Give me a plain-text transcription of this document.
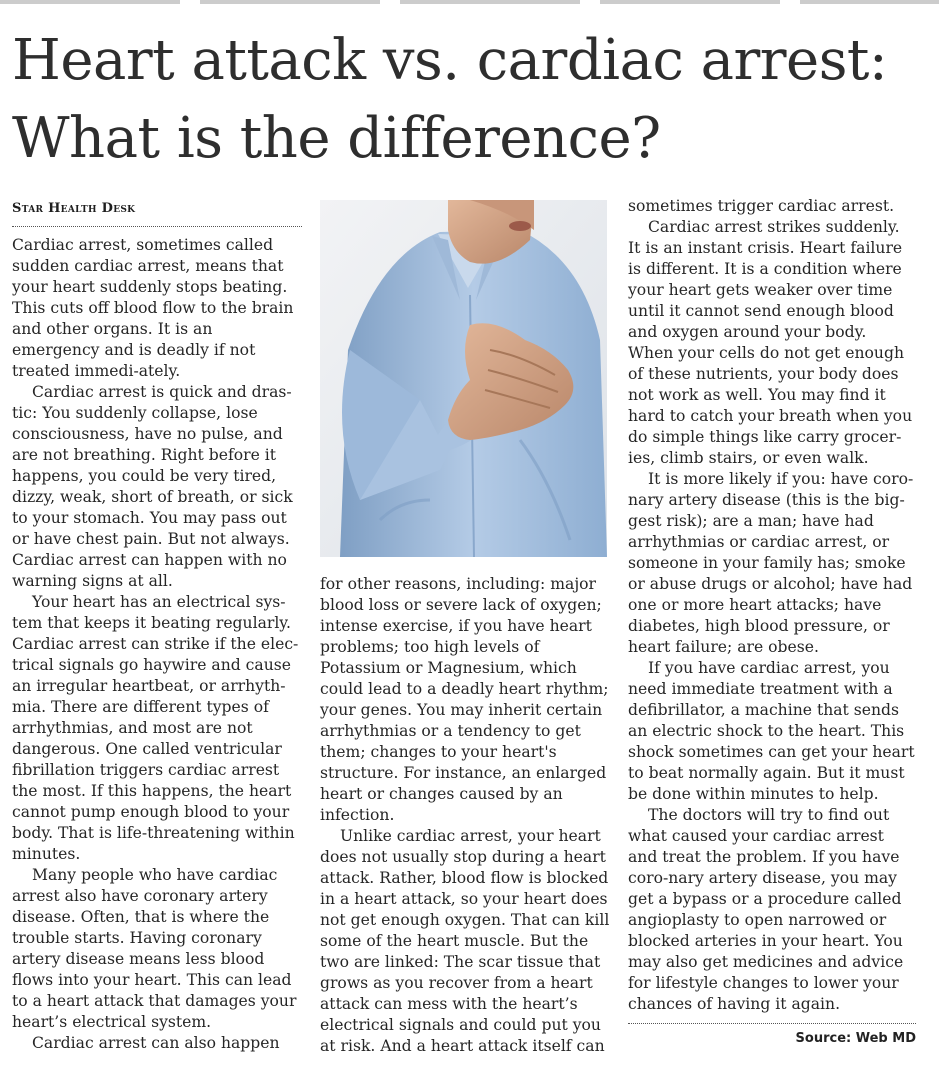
Heart attack vs. cardiac arrest:
What is the difference?
Star Health Desk

Cardiac arrest, sometimes called sudden cardiac arrest, means that your heart suddenly stops beating. This cuts off blood flow to the brain and other organs. It is an emergency and is deadly if not treated immedi-ately.

Cardiac arrest is quick and dras-tic: You suddenly collapse, lose consciousness, have no pulse, and are not breathing. Right before it happens, you could be very tired, dizzy, weak, short of breath, or sick to your stomach. You may pass out or have chest pain. But not always. Cardiac arrest can happen with no warning signs at all.

Your heart has an electrical sys-tem that keeps it beating regularly. Cardiac arrest can strike if the elec-trical signals go haywire and cause an irregular heartbeat, or arrhyth-mia. There are different types of arrhythmias, and most are not dangerous. One called ventricular fibrillation triggers cardiac arrest the most. If this happens, the heart cannot pump enough blood to your body. That is life-threatening within minutes.

Many people who have cardiac arrest also have coronary artery disease. Often, that is where the trouble starts. Having coronary artery disease means less blood flows into your heart. This can lead to a heart attack that damages your heart’s electrical system.

Cardiac arrest can also happen

for other reasons, including: major blood loss or severe lack of oxygen; intense exercise, if you have heart problems; too high levels of Potassium or Magnesium, which could lead to a deadly heart rhythm; your genes. You may inherit certain arrhythmias or a tendency to get them; changes to your heart's structure. For instance, an enlarged heart or changes caused by an infection.

Unlike cardiac arrest, your heart does not usually stop during a heart attack. Rather, blood flow is blocked in a heart attack, so your heart does not get enough oxygen. That can kill some of the heart muscle. But the two are linked: The scar tissue that grows as you recover from a heart attack can mess with the heart’s electrical signals and could put you at risk. And a heart attack itself can

sometimes trigger cardiac arrest.

Cardiac arrest strikes suddenly. It is an instant crisis. Heart failure is different. It is a condition where your heart gets weaker over time until it cannot send enough blood and oxygen around your body. When your cells do not get enough of these nutrients, your body does not work as well. You may find it hard to catch your breath when you do simple things like carry grocer-ies, climb stairs, or even walk.

It is more likely if you: have coro-nary artery disease (this is the big-gest risk); are a man; have had arrhythmias or cardiac arrest, or someone in your family has; smoke or abuse drugs or alcohol; have had one or more heart attacks; have diabetes, high blood pressure, or heart failure; are obese.

If you have cardiac arrest, you need immediate treatment with a defibrillator, a machine that sends an electric shock to the heart. This shock sometimes can get your heart to beat normally again. But it must be done within minutes to help.

The doctors will try to find out what caused your cardiac arrest and treat the problem. If you have coro-nary artery disease, you may get a bypass or a procedure called angioplasty to open narrowed or blocked arteries in your heart. You may also get medicines and advice for lifestyle changes to lower your chances of having it again.

Source: Web MD
